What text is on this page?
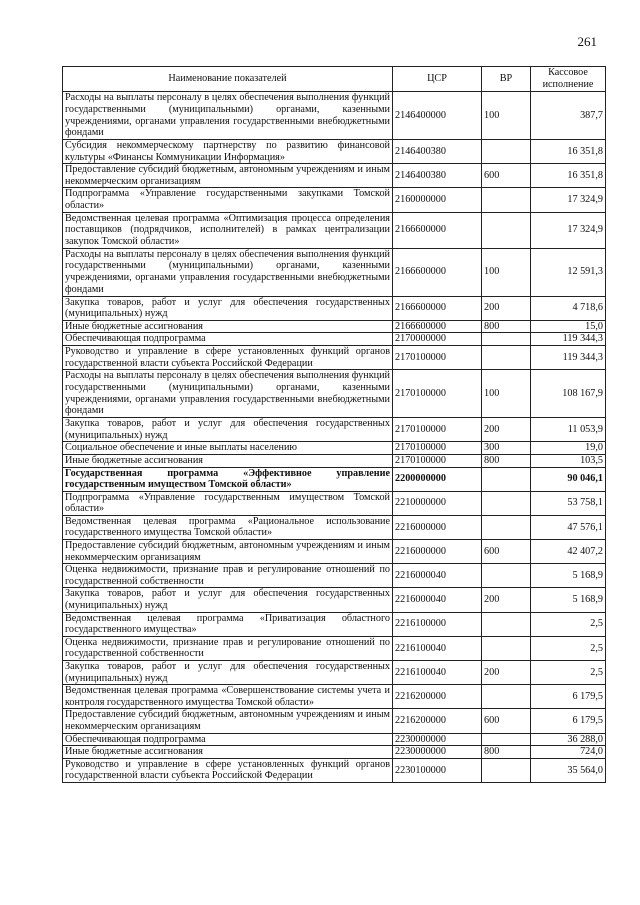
261
Наименование показателей	ЦСР	ВР	Кассовое исполнение
Расходы на выплаты персоналу в целях обеспечения выполнения функций государственными (муниципальными) органами, казенными учреждениями, органами управления государственными внебюджетными фондами	2146400000	100	387,7
Субсидия некоммерческому партнерству по развитию финансовой культуры «Финансы Коммуникации Информация»	2146400380		16 351,8
Предоставление субсидий бюджетным, автономным учреждениям и иным некоммерческим организациям	2146400380	600	16 351,8
Подпрограмма «Управление государственными закупками Томской области»	2160000000		17 324,9
Ведомственная целевая программа «Оптимизация процесса определения поставщиков (подрядчиков, исполнителей) в рамках централизации закупок Томской области»	2166600000		17 324,9
Расходы на выплаты персоналу в целях обеспечения выполнения функций государственными (муниципальными) органами, казенными учреждениями, органами управления государственными внебюджетными фондами	2166600000	100	12 591,3
Закупка товаров, работ и услуг для обеспечения государственных (муниципальных) нужд	2166600000	200	4 718,6
Иные бюджетные ассигнования	2166600000	800	15,0
Обеспечивающая подпрограмма	2170000000		119 344,3
Руководство и управление в сфере установленных функций органов государственной власти субъекта Российской Федерации	2170100000		119 344,3
Расходы на выплаты персоналу в целях обеспечения выполнения функций государственными (муниципальными) органами, казенными учреждениями, органами управления государственными внебюджетными фондами	2170100000	100	108 167,9
Закупка товаров, работ и услуг для обеспечения государственных (муниципальных) нужд	2170100000	200	11 053,9
Социальное обеспечение и иные выплаты населению	2170100000	300	19,0
Иные бюджетные ассигнования	2170100000	800	103,5
Государственная программа «Эффективное управление государственным имуществом Томской области»	2200000000		90 046,1
Подпрограмма «Управление государственным имуществом Томской области»	2210000000		53 758,1
Ведомственная целевая программа «Рациональное использование государственного имущества Томской области»	2216000000		47 576,1
Предоставление субсидий бюджетным, автономным учреждениям и иным некоммерческим организациям	2216000000	600	42 407,2
Оценка недвижимости, признание прав и регулирование отношений по государственной собственности	2216000040		5 168,9
Закупка товаров, работ и услуг для обеспечения государственных (муниципальных) нужд	2216000040	200	5 168,9
Ведомственная целевая программа «Приватизация областного государственного имущества»	2216100000		2,5
Оценка недвижимости, признание прав и регулирование отношений по государственной собственности	2216100040		2,5
Закупка товаров, работ и услуг для обеспечения государственных (муниципальных) нужд	2216100040	200	2,5
Ведомственная целевая программа «Совершенствование системы учета и контроля государственного имущества Томской области»	2216200000		6 179,5
Предоставление субсидий бюджетным, автономным учреждениям и иным некоммерческим организациям	2216200000	600	6 179,5
Обеспечивающая подпрограмма	2230000000		36 288,0
Иные бюджетные ассигнования	2230000000	800	724,0
Руководство и управление в сфере установленных функций органов государственной власти субъекта Российской Федерации	2230100000		35 564,0
